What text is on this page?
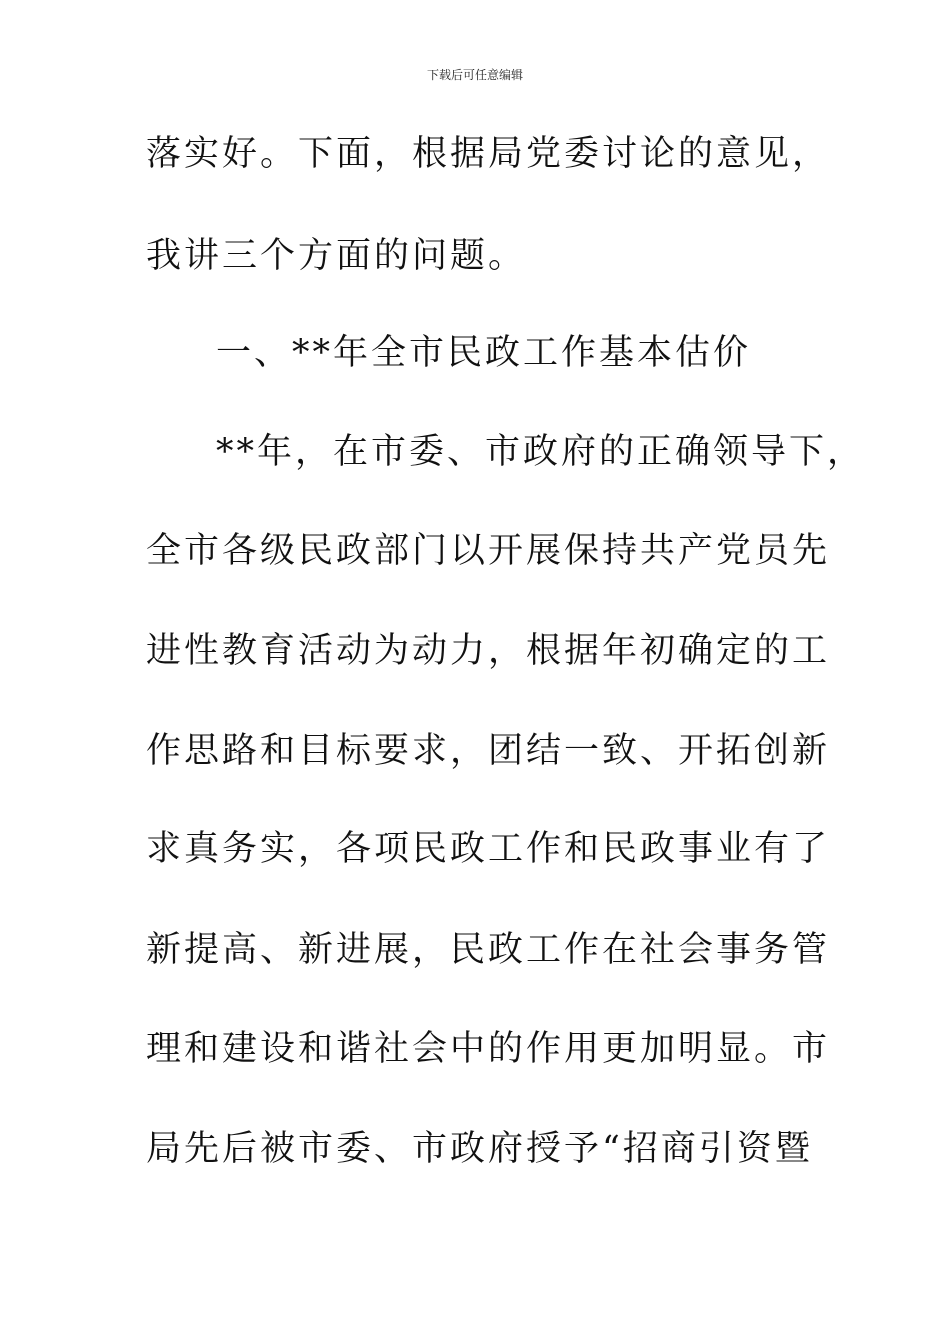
下载后可任意编辑
落实好。下面，根据局党委讨论的意见，
我讲三个方面的问题。
一、**年全市民政工作基本估价
**年，在市委、市政府的正确领导下，
全市各级民政部门以开展保持共产党员先
进性教育活动为动力，根据年初确定的工
作思路和目标要求，团结一致、开拓创新
求真务实，各项民政工作和民政事业有了
新提高、新进展，民政工作在社会事务管
理和建设和谐社会中的作用更加明显。市
局先后被市委、市政府授予“招商引资暨
